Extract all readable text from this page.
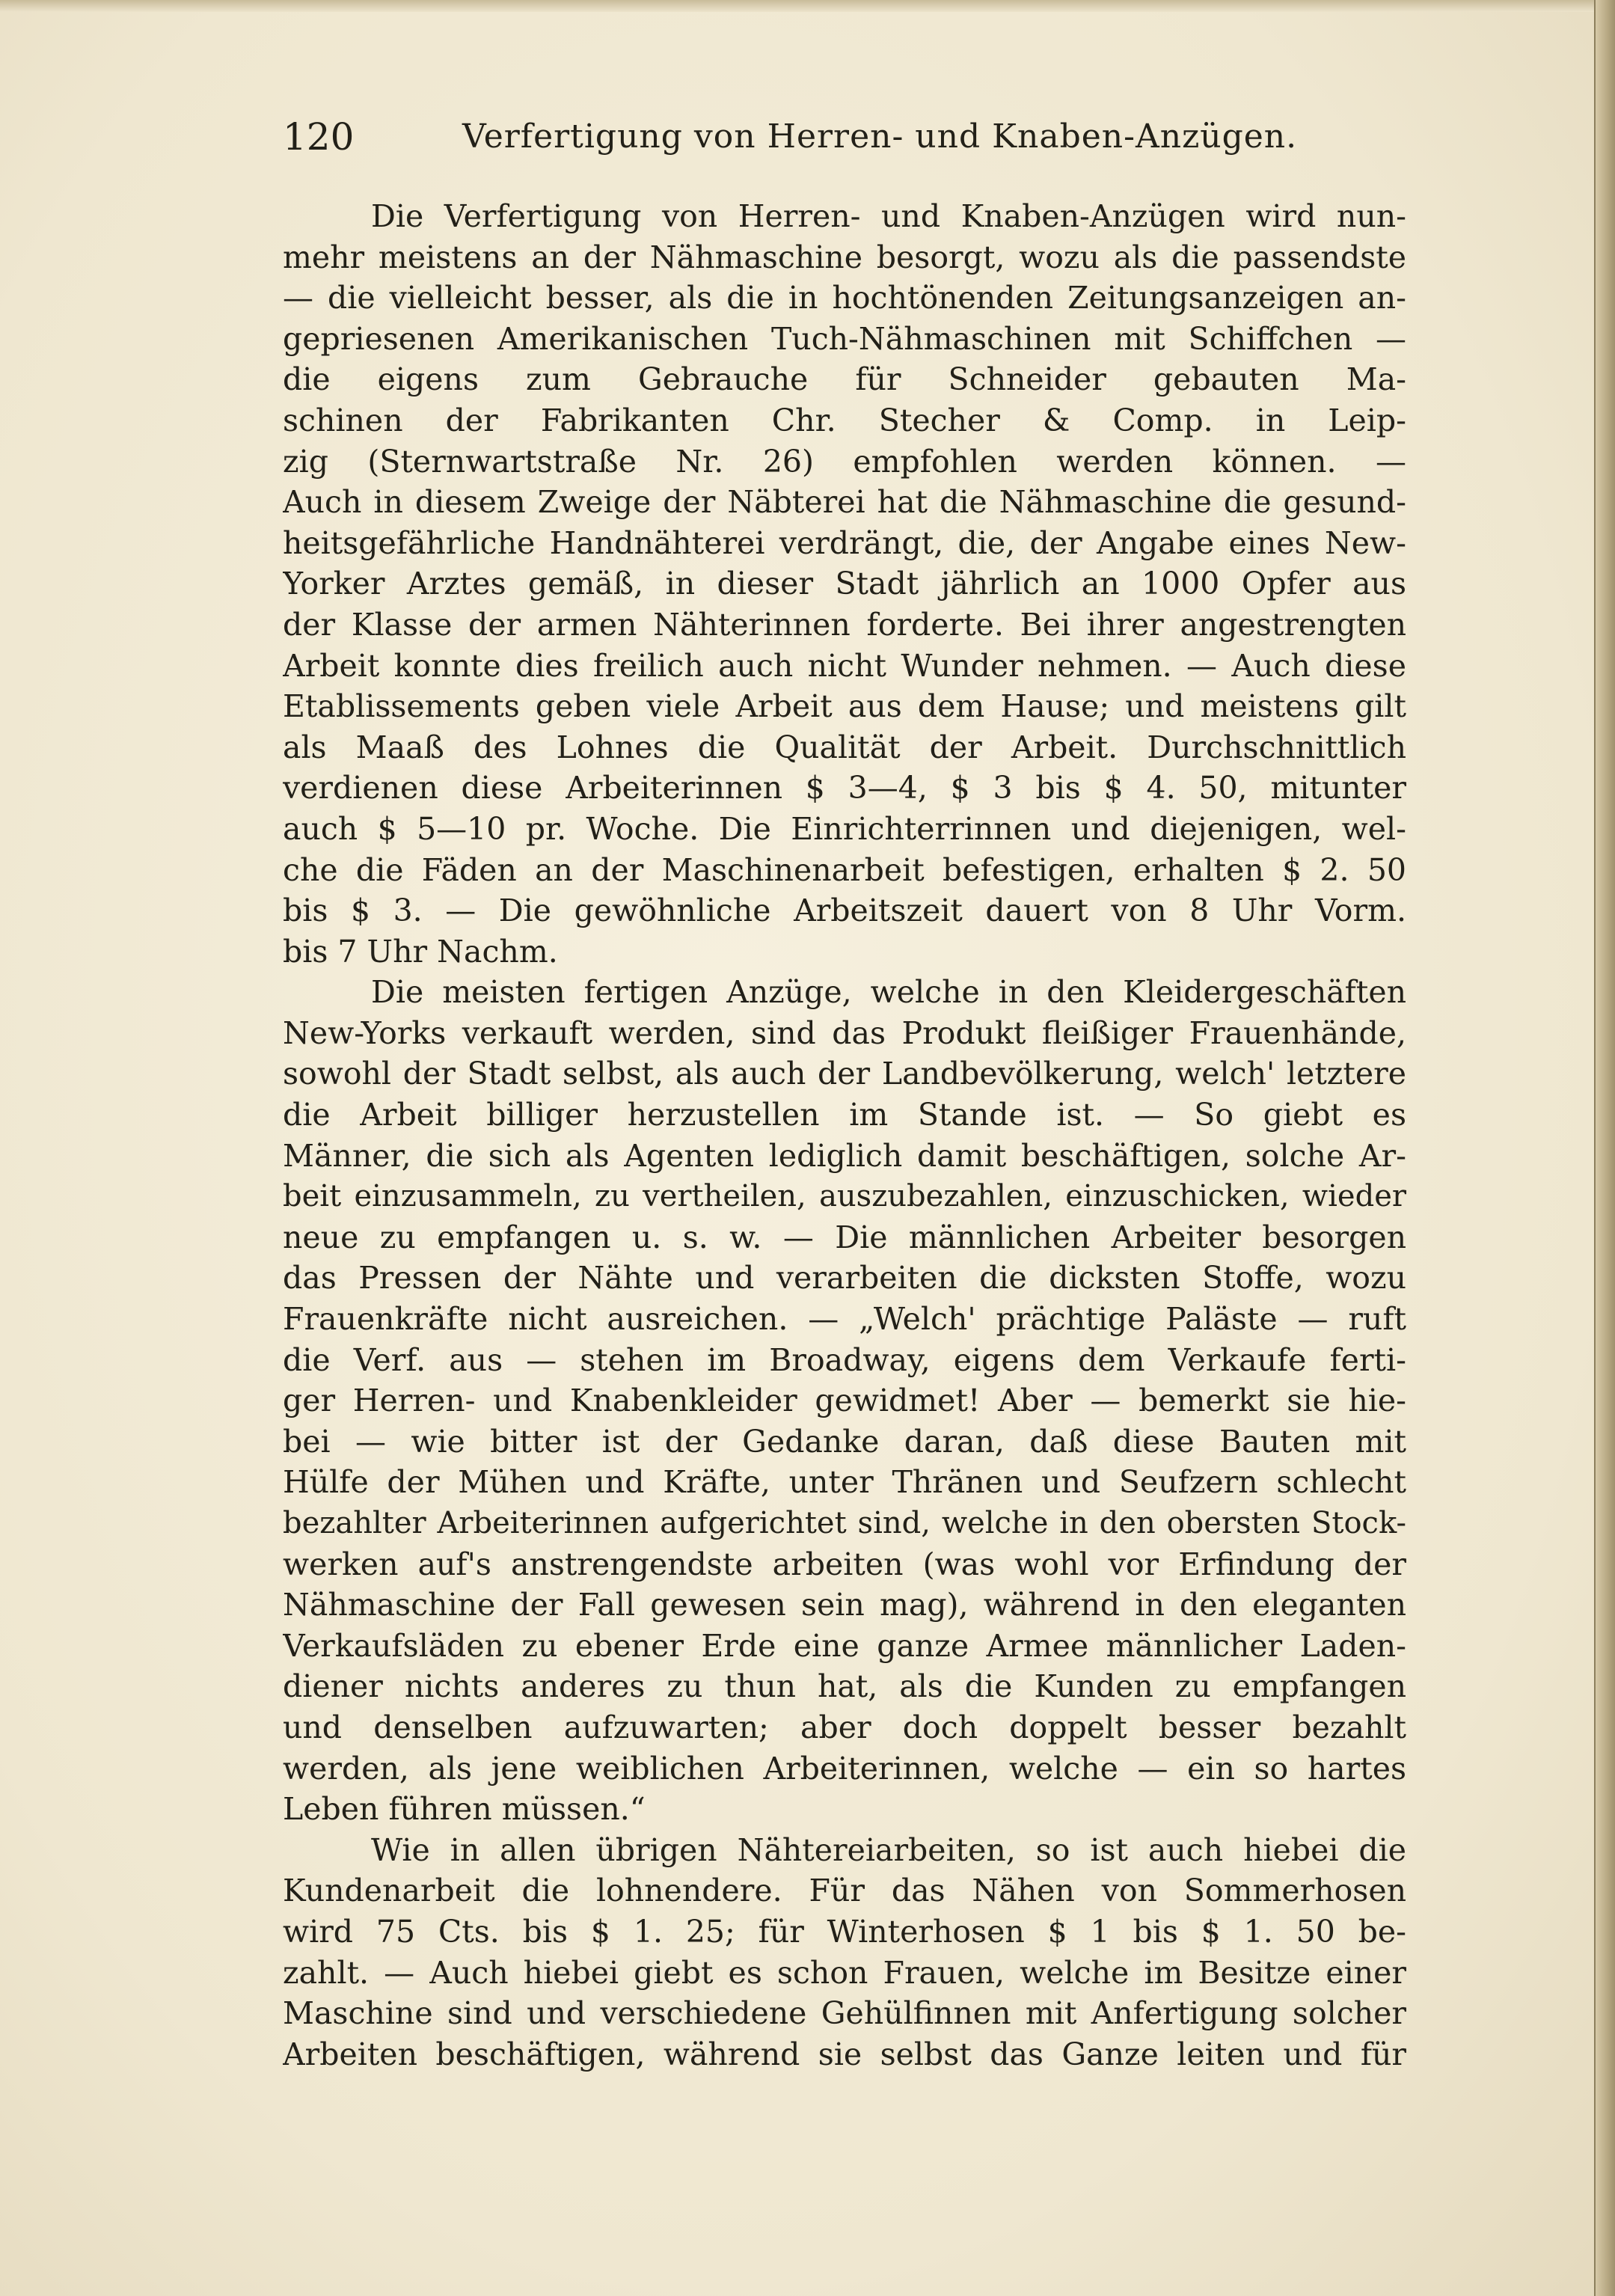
120	Verfertigung von Herren- und Knaben-Anzügen.
Die Verfertigung von Herren- und Knaben-Anzügen wird nun-
mehr meistens an der Nähmaschine besorgt, wozu als die passendste
— die vielleicht besser, als die in hochtönenden Zeitungsanzeigen an-
gepriesenen Amerikanischen Tuch-Nähmaschinen mit Schiffchen —
die eigens zum Gebrauche für Schneider gebauten Ma-
schinen der Fabrikanten Chr. Stecher & Comp. in Leip-
zig (Sternwartstraße Nr. 26) empfohlen werden können. —
Auch in diesem Zweige der Näbterei hat die Nähmaschine die gesund-
heitsgefährliche Handnähterei verdrängt, die, der Angabe eines New-
Yorker Arztes gemäß, in dieser Stadt jährlich an 1000 Opfer aus
der Klasse der armen Nähterinnen forderte. Bei ihrer angestrengten
Arbeit konnte dies freilich auch nicht Wunder nehmen. — Auch diese
Etablissements geben viele Arbeit aus dem Hause; und meistens gilt
als Maaß des Lohnes die Qualität der Arbeit. Durchschnittlich
verdienen diese Arbeiterinnen $ 3—4, $ 3 bis $ 4. 50, mitunter
auch $ 5—10 pr. Woche. Die Einrichterrinnen und diejenigen, wel-
che die Fäden an der Maschinenarbeit befestigen, erhalten $ 2. 50
bis $ 3. — Die gewöhnliche Arbeitszeit dauert von 8 Uhr Vorm.
bis 7 Uhr Nachm.
Die meisten fertigen Anzüge, welche in den Kleidergeschäften
New-Yorks verkauft werden, sind das Produkt fleißiger Frauenhände,
sowohl der Stadt selbst, als auch der Landbevölkerung, welch' letztere
die Arbeit billiger herzustellen im Stande ist. — So giebt es
Männer, die sich als Agenten lediglich damit beschäftigen, solche Ar-
beit einzusammeln, zu vertheilen, auszubezahlen, einzuschicken, wieder
neue zu empfangen u. s. w. — Die männlichen Arbeiter besorgen
das Pressen der Nähte und verarbeiten die dicksten Stoffe, wozu
Frauenkräfte nicht ausreichen. — „Welch' prächtige Paläste — ruft
die Verf. aus — stehen im Broadway, eigens dem Verkaufe ferti-
ger Herren- und Knabenkleider gewidmet! Aber — bemerkt sie hie-
bei — wie bitter ist der Gedanke daran, daß diese Bauten mit
Hülfe der Mühen und Kräfte, unter Thränen und Seufzern schlecht
bezahlter Arbeiterinnen aufgerichtet sind, welche in den obersten Stock-
werken auf's anstrengendste arbeiten (was wohl vor Erfindung der
Nähmaschine der Fall gewesen sein mag), während in den eleganten
Verkaufsläden zu ebener Erde eine ganze Armee männlicher Laden-
diener nichts anderes zu thun hat, als die Kunden zu empfangen
und denselben aufzuwarten; aber doch doppelt besser bezahlt
werden, als jene weiblichen Arbeiterinnen, welche — ein so hartes
Leben führen müssen.“
Wie in allen übrigen Nähtereiarbeiten, so ist auch hiebei die
Kundenarbeit die lohnendere. Für das Nähen von Sommerhosen
wird 75 Cts. bis $ 1. 25; für Winterhosen $ 1 bis $ 1. 50 be-
zahlt. — Auch hiebei giebt es schon Frauen, welche im Besitze einer
Maschine sind und verschiedene Gehülfinnen mit Anfertigung solcher
Arbeiten beschäftigen, während sie selbst das Ganze leiten und für
